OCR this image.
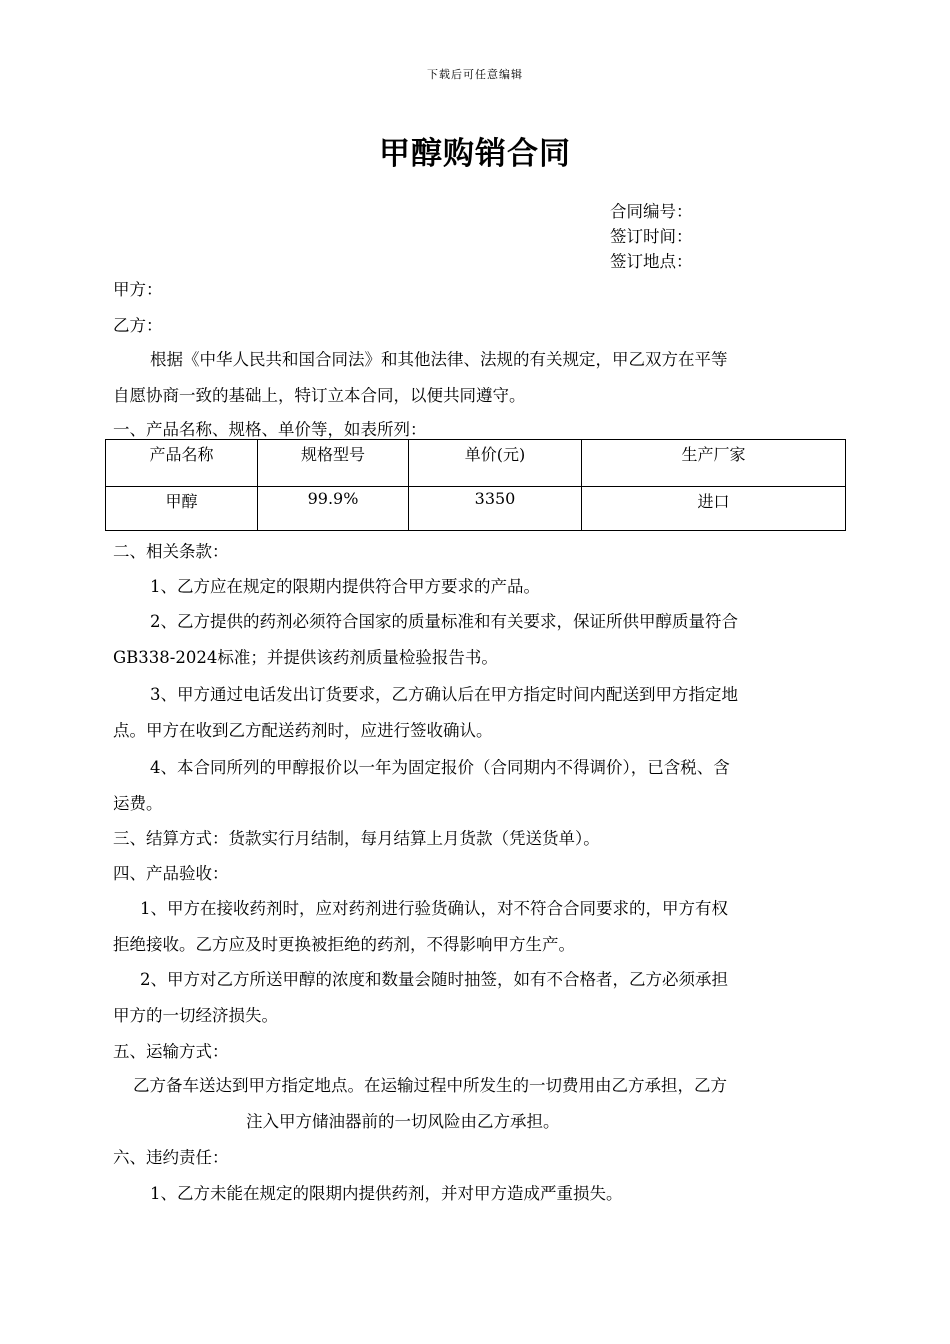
下载后可任意编辑
甲醇购销合同
合同编号：
签订时间：
签订地点：
甲方：
乙方：
根据《中华人民共和国合同法》和其他法律、法规的有关规定，甲乙双方在平等
自愿协商一致的基础上，特订立本合同，以便共同遵守。
一、产品名称、规格、单价等，如表所列：
产品名称	规格型号	单价(元)	生产厂家
甲醇	99.9%	3350	进口
二、相关条款：
1、乙方应在规定的限期内提供符合甲方要求的产品。
2、乙方提供的药剂必须符合国家的质量标准和有关要求，保证所供甲醇质量符合
GB338-2024标准；并提供该药剂质量检验报告书。
3、甲方通过电话发出订货要求，乙方确认后在甲方指定时间内配送到甲方指定地
点。甲方在收到乙方配送药剂时，应进行签收确认。
4、本合同所列的甲醇报价以一年为固定报价（合同期内不得调价），已含税、含
运费。
三、结算方式：货款实行月结制，每月结算上月货款（凭送货单）。
四、产品验收：
1、甲方在接收药剂时，应对药剂进行验货确认，对不符合合同要求的，甲方有权
拒绝接收。乙方应及时更换被拒绝的药剂，不得影响甲方生产。
2、甲方对乙方所送甲醇的浓度和数量会随时抽签，如有不合格者，乙方必须承担
甲方的一切经济损失。
五、运输方式：
乙方备车送达到甲方指定地点。在运输过程中所发生的一切费用由乙方承担，乙方
注入甲方储油器前的一切风险由乙方承担。
六、违约责任：
1、乙方未能在规定的限期内提供药剂，并对甲方造成严重损失。
